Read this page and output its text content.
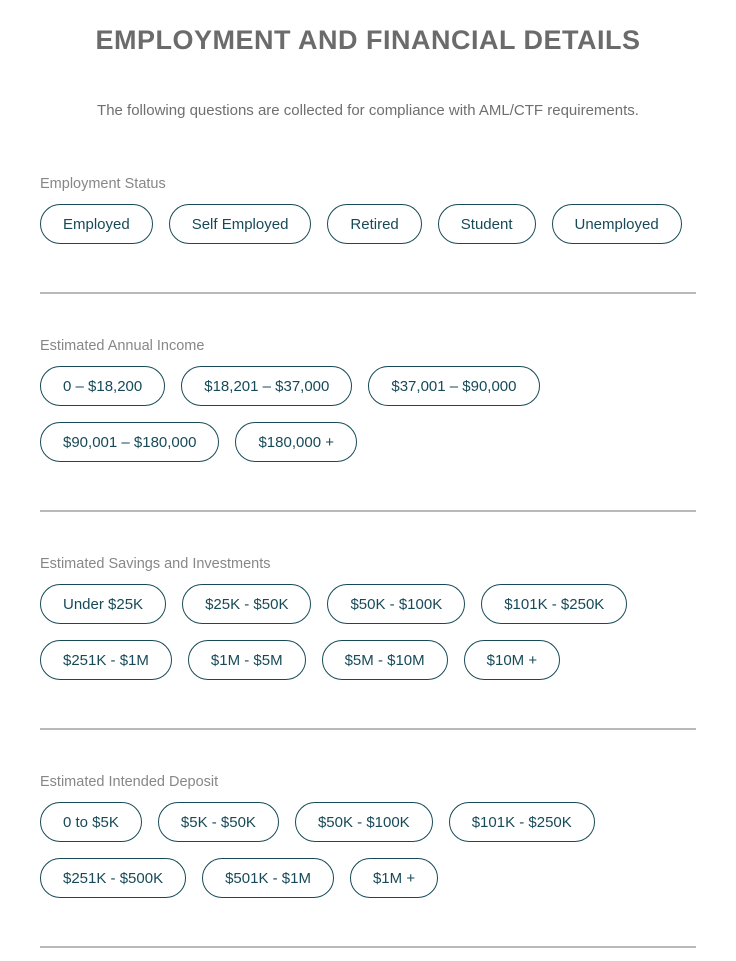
EMPLOYMENT AND FINANCIAL DETAILS

The following questions are collected for compliance with AML/CTF requirements.

Employment Status
Employed	Self Employed	Retired	Student	Unemployed
Estimated Annual Income
0 – $18,200	$18,201 – $37,000	$37,001 – $90,000
$90,001 – $180,000	$180,000 +
Estimated Savings and Investments
Under $25K	$25K - $50K	$50K - $100K	$101K - $250K
$251K - $1M	$1M - $5M	$5M - $10M	$10M +
Estimated Intended Deposit
0 to $5K	$5K - $50K	$50K - $100K	$101K - $250K
$251K - $500K	$501K - $1M	$1M +
